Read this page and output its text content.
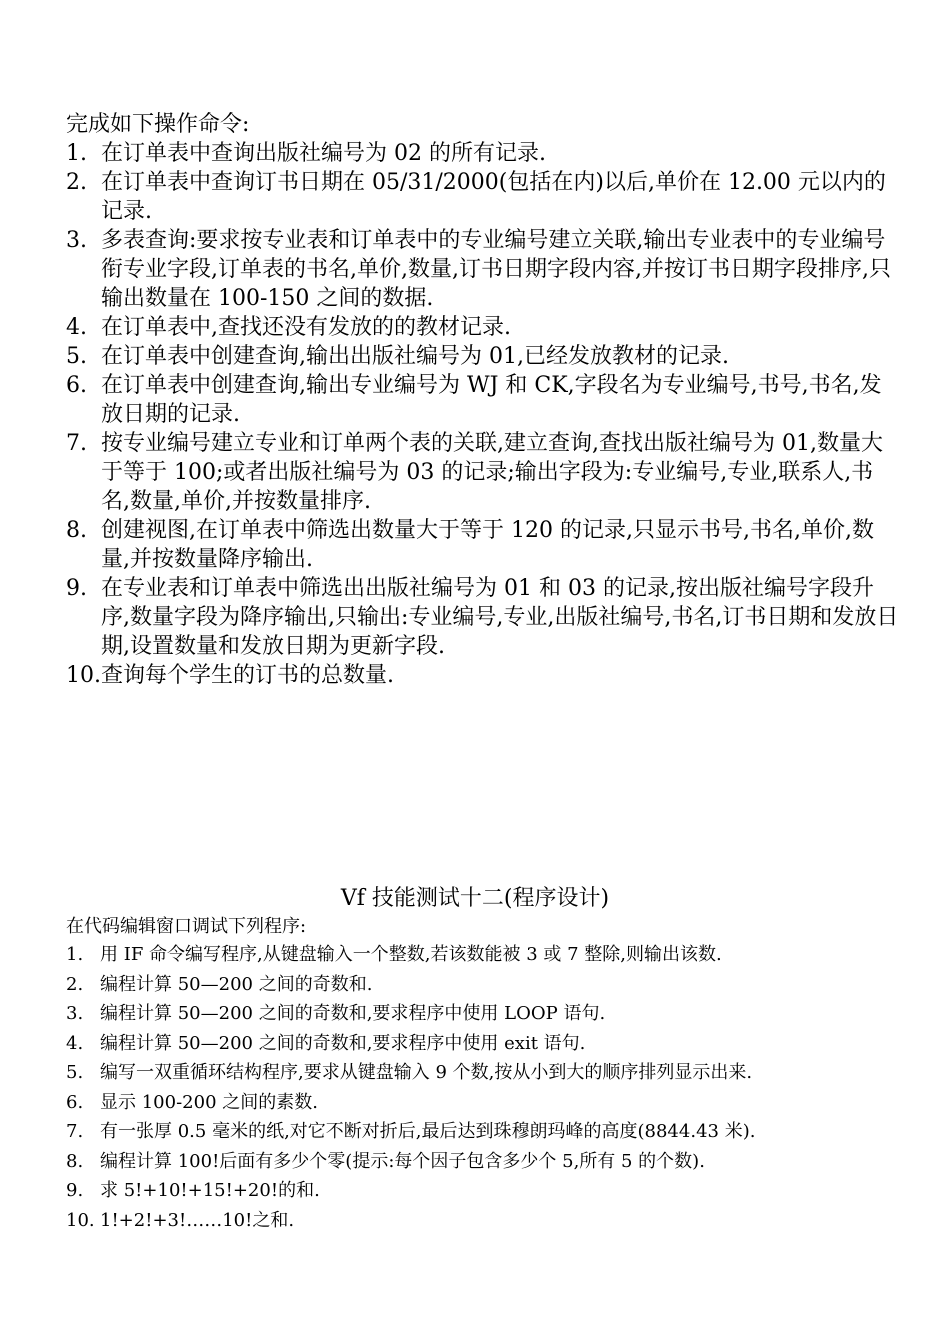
完成如下操作命令:
1. 在订单表中查询出版社编号为 02 的所有记录.
2. 在订单表中查询订书日期在 05/31/2000(包括在内)以后,单价在 12.00 元以内的记录.
3. 多表查询:要求按专业表和订单表中的专业编号建立关联,输出专业表中的专业编号衔专业字段,订单表的书名,单价,数量,订书日期字段内容,并按订书日期字段排序,只输出数量在 100-150 之间的数据.
4. 在订单表中,查找还没有发放的的教材记录.
5. 在订单表中创建查询,输出出版社编号为 01,已经发放教材的记录.
6. 在订单表中创建查询,输出专业编号为 WJ 和 CK,字段名为专业编号,书号,书名,发放日期的记录.
7. 按专业编号建立专业和订单两个表的关联,建立查询,查找出版社编号为 01,数量大于等于 100;或者出版社编号为 03 的记录;输出字段为:专业编号,专业,联系人,书名,数量,单价,并按数量排序.
8. 创建视图,在订单表中筛选出数量大于等于 120 的记录,只显示书号,书名,单价,数量,并按数量降序输出.
9. 在专业表和订单表中筛选出出版社编号为 01 和 03 的记录,按出版社编号字段升序,数量字段为降序输出,只输出:专业编号,专业,出版社编号,书名,订书日期和发放日期,设置数量和发放日期为更新字段.
10. 查询每个学生的订书的总数量.
Vf 技能测试十二(程序设计)
在代码编辑窗口调试下列程序:
1. 用 IF 命令编写程序,从键盘输入一个整数,若该数能被 3 或 7 整除,则输出该数.
2. 编程计算 50—200 之间的奇数和.
3. 编程计算 50—200 之间的奇数和,要求程序中使用 LOOP 语句.
4. 编程计算 50—200 之间的奇数和,要求程序中使用 exit 语句.
5. 编写一双重循环结构程序,要求从键盘输入 9 个数,按从小到大的顺序排列显示出来.
6. 显示 100-200 之间的素数.
7. 有一张厚 0.5 毫米的纸,对它不断对折后,最后达到珠穆朗玛峰的高度(8844.43 米).
8. 编程计算 100!后面有多少个零(提示:每个因子包含多少个 5,所有 5 的个数).
9. 求 5!+10!+15!+20!的和.
10. 1!+2!+3!……10!之和.
